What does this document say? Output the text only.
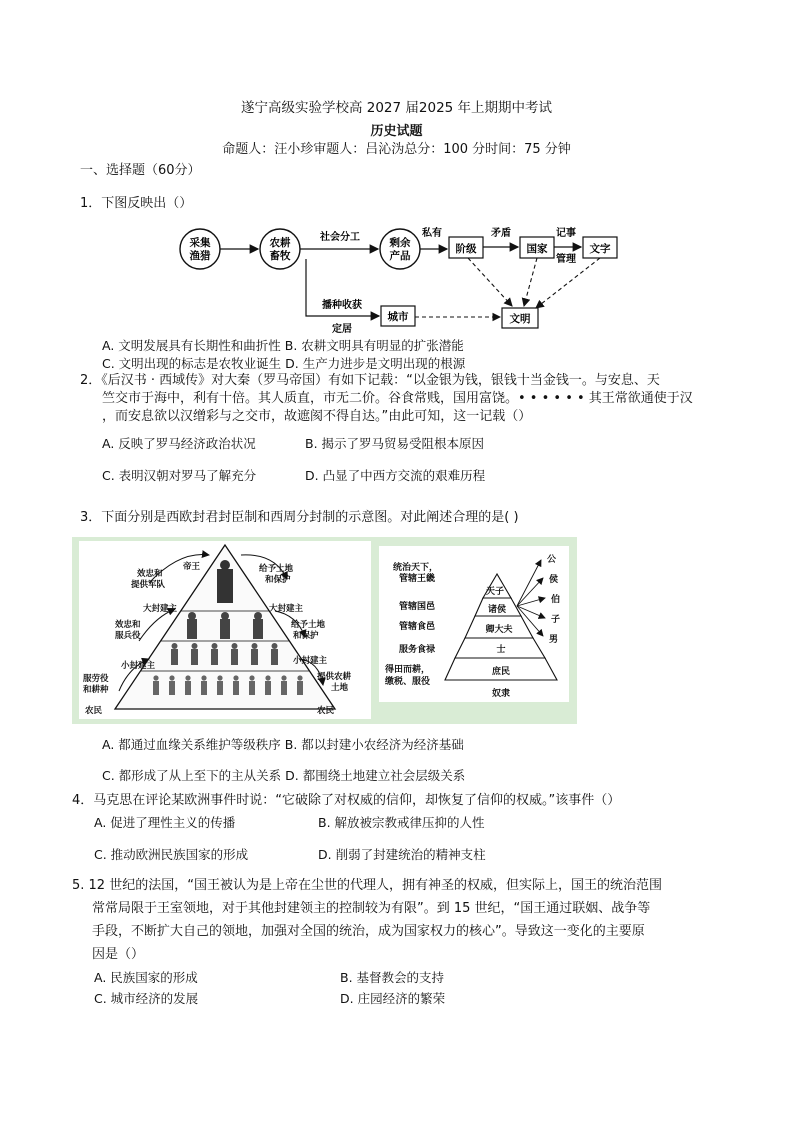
遂宁高级实验学校高 2027 届2025 年上期期中考试
历史试题
命题人：汪小珍审题人：吕沁沩总分：100 分时间：75 分钟
一、选择题（60分）
1．下图反映出（）
采集
渔猎
农耕
畜牧
剩余
产品
阶级	国家	文字
城市	文明
社会分工	私有	矛盾	记事
管理
播种收获
定居
A. 文明发展具有长期性和曲折性 B. 农耕文明具有明显的扩张潜能
C. 文明出现的标志是农牧业诞生 D. 生产力进步是文明出现的根源
2．《后汉书 · 西域传》对大秦（罗马帝国）有如下记载：“以金银为钱，银钱十当金钱一。与安息、天
竺交市于海中，利有十倍。其人质直，市无二价。谷食常贱，国用富饶。• • • • • • 其王常欲通使于汉
，而安息欲以汉缯彩与之交市，故遮阂不得自达。”由此可知，这一记载（）
A. 反映了罗马经济政治状况	B. 揭示了罗马贸易受阻根本原因
C. 表明汉朝对罗马了解充分	D. 凸显了中西方交流的艰难历程
3．下面分别是西欧封君封臣制和西周分封制的示意图。对此阐述合理的是( )
帝王
效忠和
提供军队
给予土地
和保护
大封建主	大封建主
效忠和
服兵役
给予土地
和保护
小封建主	小封建主
服劳役
和耕种
提供农耕
土地
农民	农民
天子
诸侯
卿大夫
士
庶民
奴隶
统治天下，
管辖王畿
管辖国邑
管辖食邑
服务食禄
得田而耕，
缴税、服役
公
侯
伯
子
男
A. 都通过血缘关系维护等级秩序 B. 都以封建小农经济为经济基础
C. 都形成了从上至下的主从关系 D. 都围绕土地建立社会层级关系
4．马克思在评论某欧洲事件时说：“它破除了对权威的信仰，却恢复了信仰的权威。”该事件（）
A. 促进了理性主义的传播	B. 解放被宗教戒律压抑的人性
C. 推动欧洲民族国家的形成	D. 削弱了封建统治的精神支柱
5. 12 世纪的法国，“国王被认为是上帝在尘世的代理人，拥有神圣的权威，但实际上，国王的统治范围
常常局限于王室领地，对于其他封建领主的控制较为有限”。到 15 世纪，“国王通过联姻、战争等
手段，不断扩大自己的领地，加强对全国的统治，成为国家权力的核心”。导致这一变化的主要原
因是（）
A. 民族国家的形成	B. 基督教会的支持
C. 城市经济的发展	D. 庄园经济的繁荣
